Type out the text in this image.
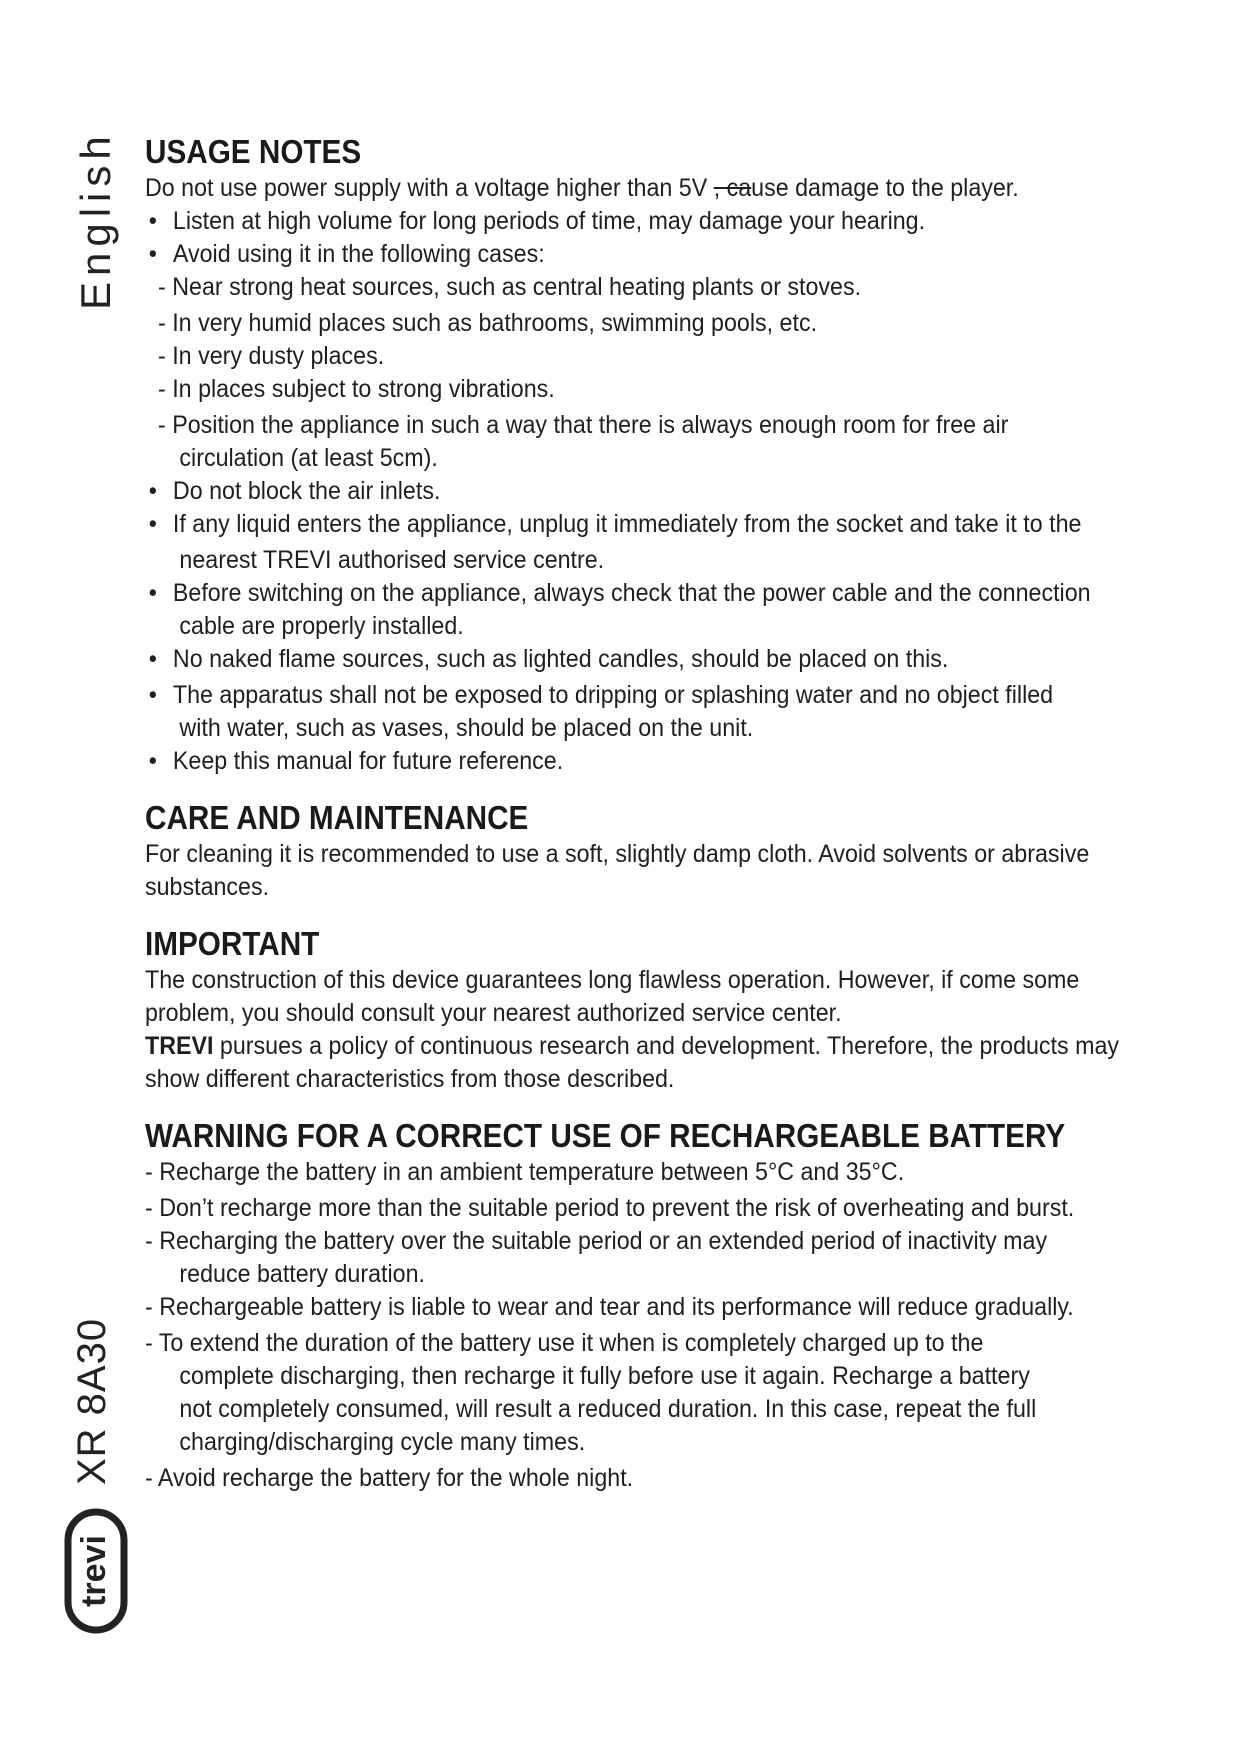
English
XR 8A30
trevi
USAGE NOTES
Do not use power supply with a voltage higher than 5V , cause damage to the player.
• Listen at high volume for long periods of time, may damage your hearing.
• Avoid using it in the following cases:
- Near strong heat sources, such as central heating plants or stoves.
- In very humid places such as bathrooms, swimming pools, etc.
- In very dusty places.
- In places subject to strong vibrations.
- Position the appliance in such a way that there is always enough room for free air
circulation (at least 5cm).
• Do not block the air inlets.
• If any liquid enters the appliance, unplug it immediately from the socket and take it to the
nearest TREVI authorised service centre.
• Before switching on the appliance, always check that the power cable and the connection
cable are properly installed.
• No naked flame sources, such as lighted candles, should be placed on this.
• The apparatus shall not be exposed to dripping or splashing water and no object filled
with water, such as vases, should be placed on the unit.
• Keep this manual for future reference.
CARE AND MAINTENANCE
For cleaning it is recommended to use a soft, slightly damp cloth. Avoid solvents or abrasive substances.
IMPORTANT
The construction of this device guarantees long flawless operation. However, if come some problem, you should consult your nearest authorized service center.
TREVI pursues a policy of continuous research and development. Therefore, the products may show different characteristics from those described.
WARNING FOR A CORRECT USE OF RECHARGEABLE BATTERY
- Recharge the battery in an ambient temperature between 5°C and 35°C.
- Don’t recharge more than the suitable period to prevent the risk of overheating and burst.
- Recharging the battery over the suitable period or an extended period of inactivity may
reduce battery duration.
- Rechargeable battery is liable to wear and tear and its performance will reduce gradually.
- To extend the duration of the battery use it when is completely charged up to the
complete discharging, then recharge it fully before use it again. Recharge a battery
not completely consumed, will result a reduced duration. In this case, repeat the full
charging/discharging cycle many times.
- Avoid recharge the battery for the whole night.
